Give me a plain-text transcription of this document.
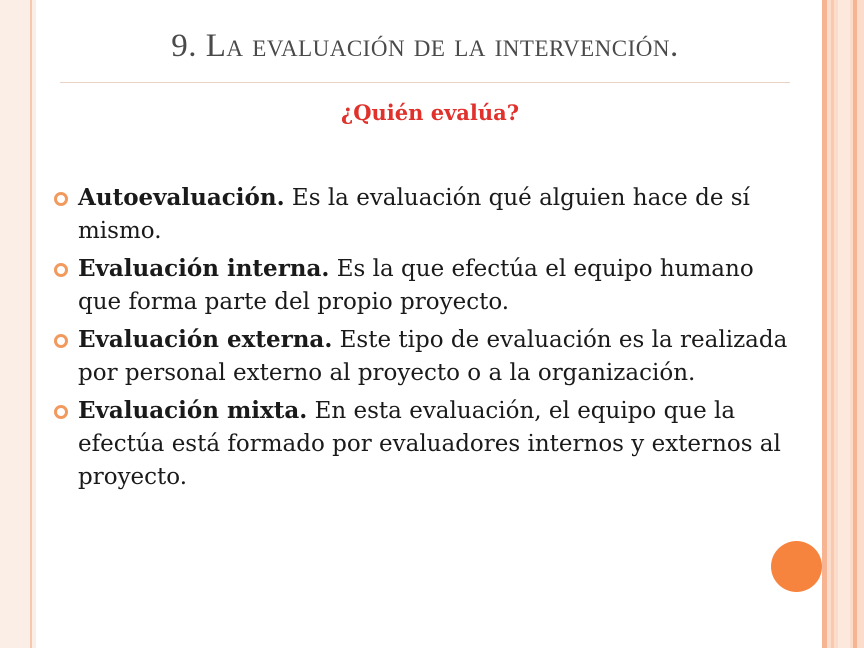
9. La evaluación de la intervención.
¿Quién evalúa?
Autoevaluación. Es la evaluación qué alguien hace de sí mismo.
Evaluación interna. Es la que efectúa el equipo humano que forma parte del propio proyecto.
Evaluación externa. Este tipo de evaluación es la realizada por personal externo al proyecto o a la organización.
Evaluación mixta. En esta evaluación, el equipo que la efectúa está formado por evaluadores internos y externos al proyecto.
